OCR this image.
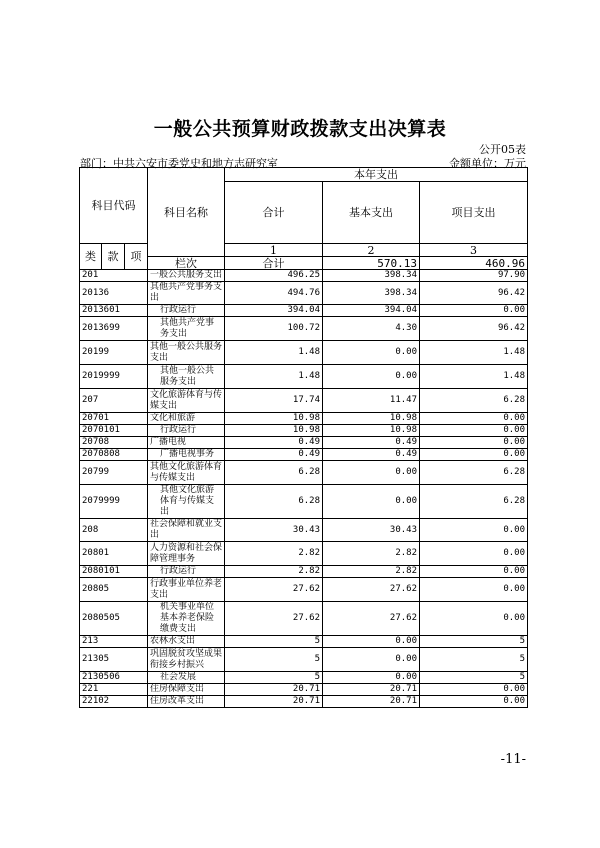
一般公共预算财政拨款支出决算表
公开05表
部门：中共六安市委党史和地方志研究室	金额单位：万元
科目代码			科目名称	本年支出			
				合计	基本支出	项目支出	
类	款	项		1	2	3	
			栏次	合计	570.13	460.96	
201			一般公共服务支出	496.25	398.34	97.90	
20136			其他共产党事务支出	494.76	398.34	96.42	
2013601			行政运行	394.04	394.04	0.00	
2013699			其他共产党事务支出	100.72	4.30	96.42	
20199			其他一般公共服务支出	1.48	0.00	1.48	
2019999			其他一般公共服务支出	1.48	0.00	1.48	
207			文化旅游体育与传媒支出	17.74	11.47	6.28	
20701			文化和旅游	10.98	10.98	0.00	
2070101			行政运行	10.98	10.98	0.00	
20708			广播电视	0.49	0.49	0.00	
2070808			广播电视事务	0.49	0.49	0.00	
20799			其他文化旅游体育与传媒支出	6.28	0.00	6.28	
2079999			其他文化旅游体育与传媒支出	6.28	0.00	6.28	
208			社会保障和就业支出	30.43	30.43	0.00	
20801			人力资源和社会保障管理事务	2.82	2.82	0.00	
2080101			行政运行	2.82	2.82	0.00	
20805			行政事业单位养老支出	27.62	27.62	0.00	
2080505			机关事业单位基本养老保险缴费支出	27.62	27.62	0.00	
213			农林水支出	5	0.00	5	
21305			巩固脱贫攻坚成果衔接乡村振兴	5	0.00	5	
2130506			社会发展	5	0.00	5	
221			住房保障支出	20.71	20.71	0.00	
22102			住房改革支出	20.71	20.71	0.00	
-11-
